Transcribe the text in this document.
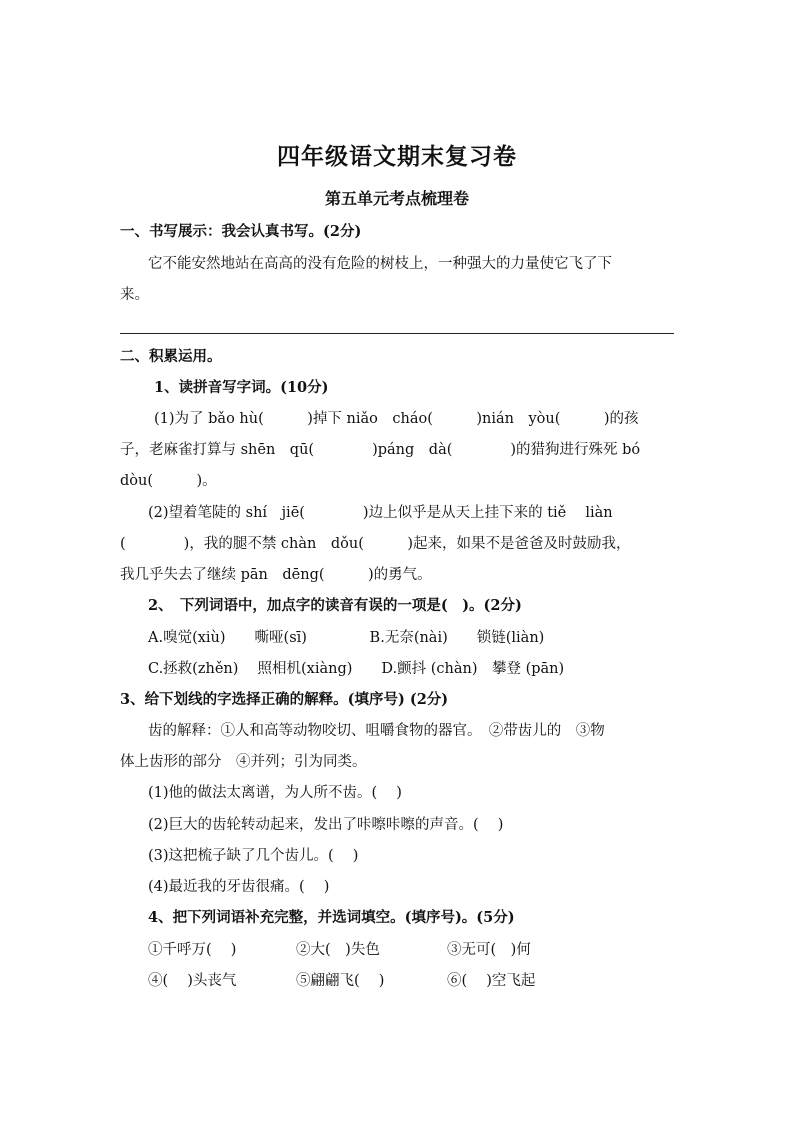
四年级语文期末复习卷
第五单元考点梳理卷
一、书写展示：我会认真书写。(2分)
它不能安然地站在高高的没有危险的树枝上，一种强大的力量使它飞了下
来。
二、积累运用。
1、读拼音写字词。(10分)
(1)为了 bǎo hù(　　　)掉下 niǎo　cháo(　　　)nián　yòu(　　　)的孩
子，老麻雀打算与 shēn　qū(　　　　)páng　dà(　　　　)的猎狗进行殊死 bó
dòu(　　　)。
(2)望着笔陡的 shí　jiē(　　　　)边上似乎是从天上挂下来的 tiě　 liàn
(　　　　)，我的腿不禁 chàn　dǒu(　　　)起来，如果不是爸爸及时鼓励我，
我几乎失去了继续 pān　dēng(　　　)的勇气。
2、　下列词语中，加点字的读音有误的一项是(　)。(2分)
A.嗅觉(xiù)　　嘶哑(sī)　　　　 B.无奈(nài)　　锁链(liàn)
C.拯救(zhěn)　 照相机(xiàng)　　D.颤抖 (chàn)　攀登 (pān)
3、给下划线的字选择正确的解释。(填序号) (2分)
齿的解释：①人和高等动物咬切、咀嚼食物的器官。　②带齿儿的　③物
体上齿形的部分　④并列；引为同类。
(1)他的做法太离谱，为人所不齿。(　 )
(2)巨大的齿轮转动起来，发出了咔嚓咔嚓的声音。(　 )
(3)这把梳子缺了几个齿儿。(　 )
(4)最近我的牙齿很痛。(　 )
4、把下列词语补充完整，并选词填空。(填序号)。(5分)
①千呼万(　 )	②大(　)失色	③无可(　)何
④(　 )头丧气	⑤翩翩飞(　 )	⑥(　 )空飞起
